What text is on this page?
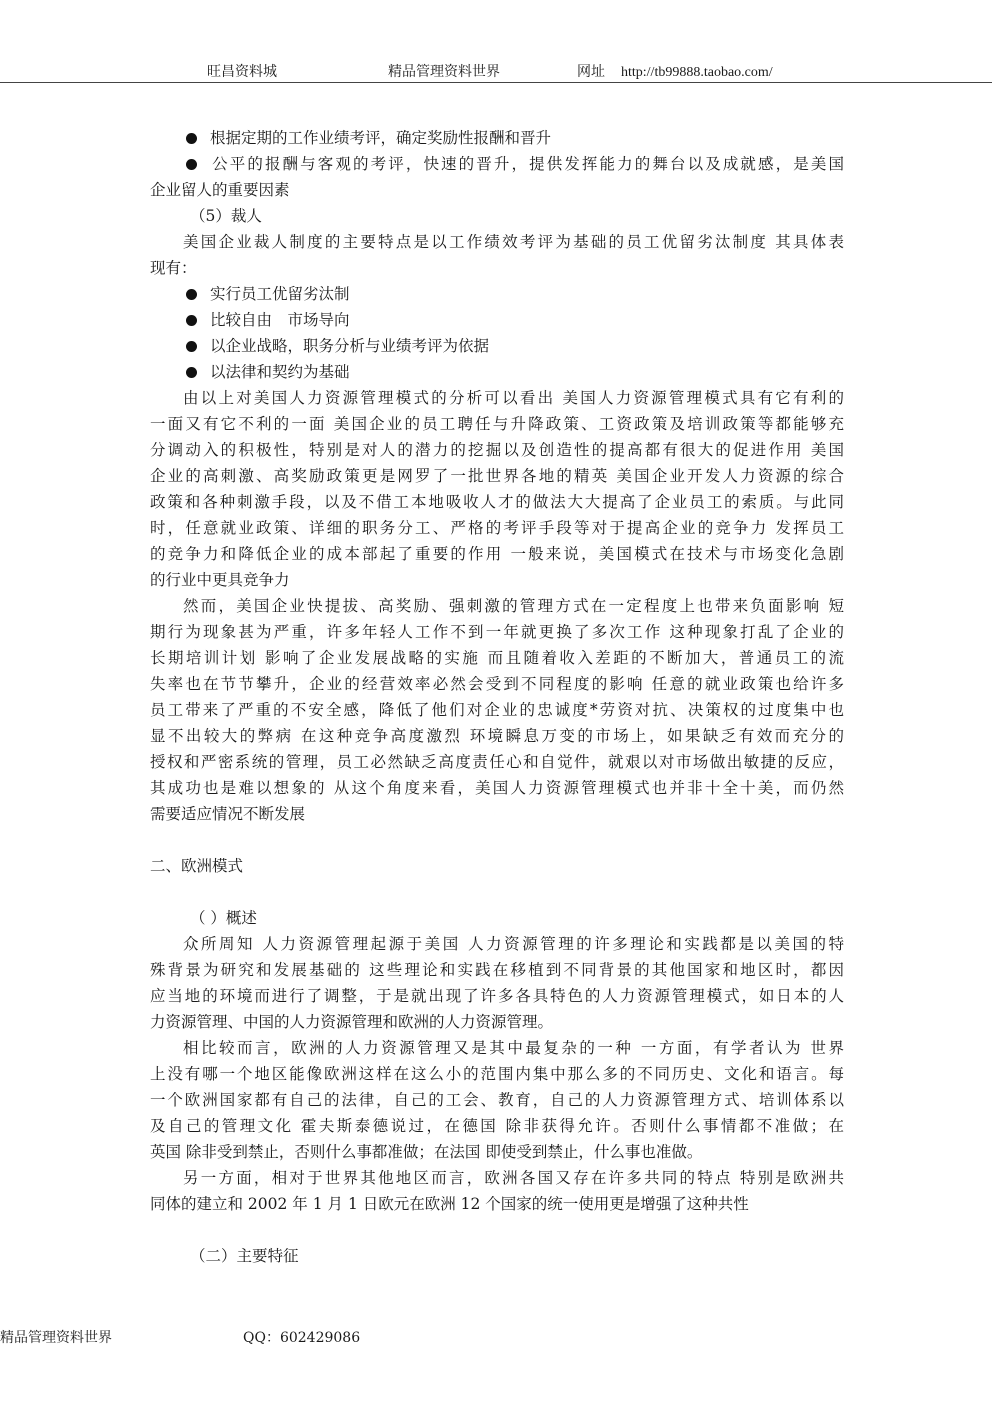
旺昌资料城	精品管理资料世界	网址 http://tb99888.taobao.com/
根据定期的工作业绩考评，确定奖励性报酬和晋升
公平的报酬与客观的考评，快速的晋升，提供发挥能力的舞台以及成就感，是美国
企业留人的重要因素
（5）裁人
美国企业裁人制度的主要特点是以工作绩效考评为基础的员工优留劣汰制度 其具体表
现有：
实行员工优留劣汰制
比较自由　市场导向
以企业战略，职务分析与业绩考评为依据
以法律和契约为基础
由以上对美国人力资源管理模式的分析可以看出 美国人力资源管理模式具有它有利的
一面又有它不利的一面 美国企业的员工聘任与升降政策、工资政策及培训政策等都能够充
分调动入的积极性，特别是对人的潜力的挖掘以及创造性的提高都有很大的促进作用 美国
企业的高刺激、高奖励政策更是网罗了一批世界各地的精英 美国企业开发人力资源的综合
政策和各种刺激手段，以及不借工本地吸收人才的做法大大提高了企业员工的索质。与此同
时，任意就业政策、详细的职务分工、严格的考评手段等对于提高企业的竞争力 发挥员工
的竞争力和降低企业的成本部起了重要的作用 一般来说，美国模式在技术与市场变化急剧
的行业中更具竞争力
然而，美国企业快提拔、高奖励、强刺激的管理方式在一定程度上也带来负面影响 短
期行为现象甚为严重，许多年轻人工作不到一年就更换了多次工作 这种现象打乱了企业的
长期培训计划 影响了企业发展战略的实施 而且随着收入差距的不断加大，普通员工的流
失率也在节节攀升，企业的经营效率必然会受到不同程度的影响 任意的就业政策也给许多
员工带来了严重的不安全感，降低了他们对企业的忠诚度*劳资对抗、决策权的过度集中也
显不出较大的弊病 在这种竞争高度激烈 环境瞬息万变的市场上，如果缺乏有效而充分的
授权和严密系统的管理，员工必然缺乏高度责任心和自觉件，就艰以对市场做出敏捷的反应，
其成功也是难以想象的 从这个角度来看，美国人力资源管理模式也并非十全十美，而仍然
需要适应情况不断发展
二、欧洲模式
（ ）概述
众所周知 人力资源管理起源于美国 人力资源管理的许多理论和实践都是以美国的特
殊背景为研究和发展基础的 这些理论和实践在移植到不同背景的其他国家和地区时，都因
应当地的环境而进行了调整，于是就出现了许多各具特色的人力资源管理模式，如日本的人
力资源管理、中国的人力资源管理和欧洲的人力资源管理。
相比较而言，欧洲的人力资源管理又是其中最复杂的一种 一方面，有学者认为 世界
上没有哪一个地区能像欧洲这样在这么小的范围内集中那么多的不同历史、文化和语言。每
一个欧洲国家都有自己的法律，自己的工会、教育，自己的人力资源管理方式、培训体系以
及自己的管理文化 霍夫斯泰德说过，在德国 除非获得允许。否则什么事情都不准做；在
英国 除非受到禁止，否则什么事都准做；在法国 即使受到禁止，什么事也准做。
另一方面，相对于世界其他地区而言，欧洲各国又存在许多共同的特点 特别是欧洲共
同体的建立和 2002 年 1 月 1 日欧元在欧洲 12 个国家的统一使用更是增强了这种共性
（二）主要特征
精品管理资料世界	QQ：602429086
